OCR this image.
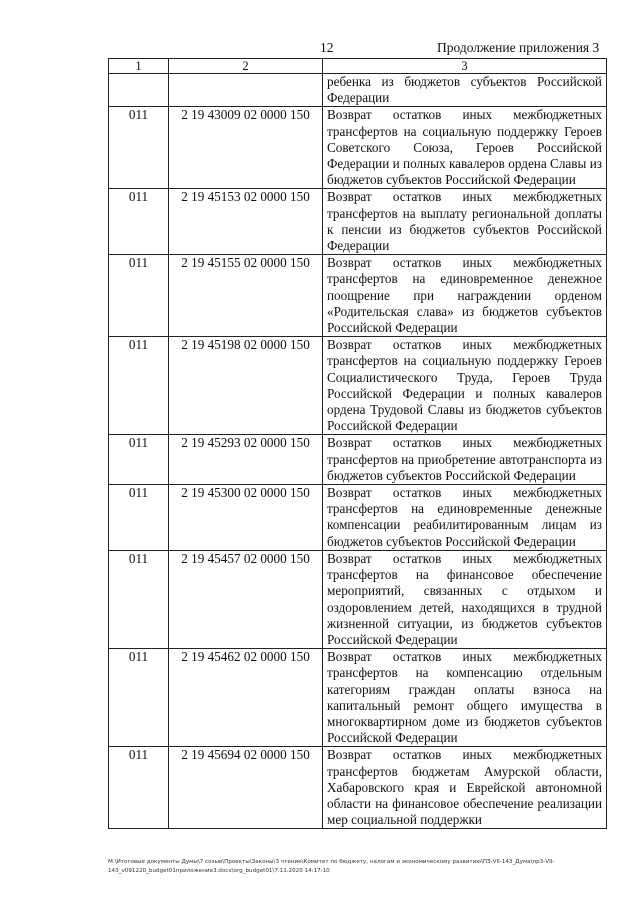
12	Продолжение приложения 3
1	2	3
		ребенка из бюджетов субъектов Российской Федерации
011	2 19 43009 02 0000 150	Возврат остатков иных межбюджетных трансфертов на социальную поддержку Героев Советского Союза, Героев Российской Федерации и полных кавалеров ордена Славы из бюджетов субъектов Российской Федерации
011	2 19 45153 02 0000 150	Возврат остатков иных межбюджетных трансфертов на выплату региональной доплаты к пенсии из бюджетов субъектов Российской Федерации
011	2 19 45155 02 0000 150	Возврат остатков иных межбюджетных трансфертов на единовременное денежное поощрение при награждении орденом «Родительская слава» из бюджетов субъектов Российской Федерации
011	2 19 45198 02 0000 150	Возврат остатков иных межбюджетных трансфертов на социальную поддержку Героев Социалистического Труда, Героев Труда Российской Федерации и полных кавалеров ордена Трудовой Славы из бюджетов субъектов Российской Федерации
011	2 19 45293 02 0000 150	Возврат остатков иных межбюджетных трансфертов на приобретение автотранспорта из бюджетов субъектов Российской Федерации
011	2 19 45300 02 0000 150	Возврат остатков иных межбюджетных трансфертов на единовременные денежные компенсации реабилитированным лицам из бюджетов субъектов Российской Федерации
011	2 19 45457 02 0000 150	Возврат остатков иных межбюджетных трансфертов на финансовое обеспечение мероприятий, связанных с отдыхом и оздоровлением детей, находящихся в трудной жизненной ситуации, из бюджетов субъектов Российской Федерации
011	2 19 45462 02 0000 150	Возврат остатков иных межбюджетных трансфертов на компенсацию отдельным категориям граждан оплаты взноса на капитальный ремонт общего имущества в многоквартирном доме из бюджетов субъектов Российской Федерации
011	2 19 45694 02 0000 150	Возврат остатков иных межбюджетных трансфертов бюджетам Амурской области, Хабаровского края и Еврейской автономной области на финансовое обеспечение реализации мер социальной поддержки
M:\Итоговые документы Думы\7 созыв\Проекты\Законы\3 чтение\Комитет по бюджету, налогам и экономическому развитию\ПЗ-VII-143_Дума\пр3-VII-
143_v091220_budget01приложение3.docx\org_budget01\7.11.2020 14:17:10
